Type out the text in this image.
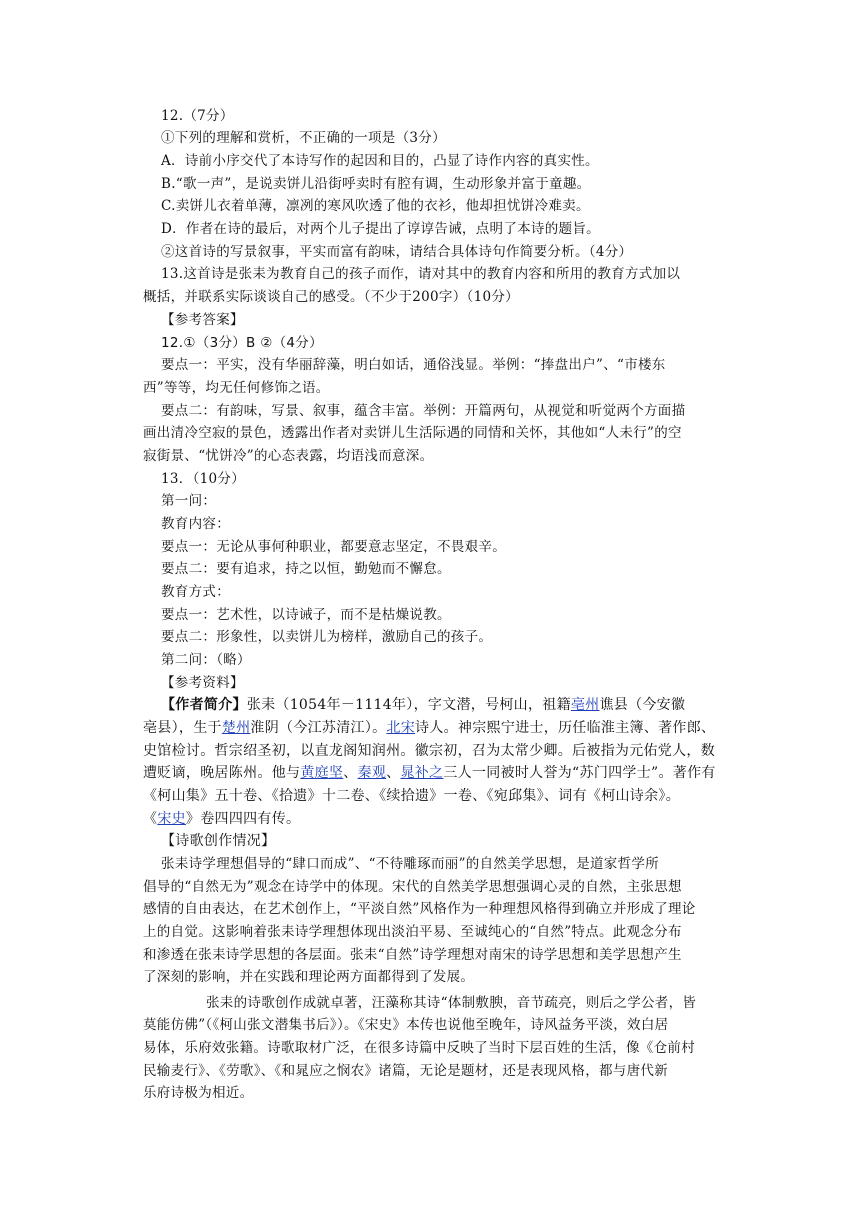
12.（7分）
①下列的理解和赏析，不正确的一项是（3分）
A．诗前小序交代了本诗写作的起因和目的，凸显了诗作内容的真实性。
B.“歌一声”，是说卖饼儿沿街呼卖时有腔有调，生动形象并富于童趣。
C.卖饼儿衣着单薄，凛冽的寒风吹透了他的衣衫，他却担忧饼冷难卖。
D．作者在诗的最后，对两个儿子提出了谆谆告诫，点明了本诗的题旨。
②这首诗的写景叙事，平实而富有韵味，请结合具体诗句作简要分析。（4分）
13.这首诗是张耒为教育自己的孩子而作，请对其中的教育内容和所用的教育方式加以
概括，并联系实际谈谈自己的感受。（不少于200字）（10分）
【参考答案】
12.①（3分）B ②（4分）
要点一：平实，没有华丽辞藻，明白如话，通俗浅显。举例：“捧盘出户”、“市楼东
西”等等，均无任何修饰之语。
要点二：有韵味，写景、叙事，蕴含丰富。举例：开篇两句，从视觉和听觉两个方面描
画出清冷空寂的景色，透露出作者对卖饼儿生活际遇的同情和关怀，其他如“人未行”的空
寂街景、“忧饼冷”的心态表露，均语浅而意深。
13．（10分）
第一问：
教育内容：
要点一：无论从事何种职业，都要意志坚定，不畏艰辛。
要点二：要有追求，持之以恒，勤勉而不懈怠。
教育方式：
要点一：艺术性，以诗诫子，而不是枯燥说教。
要点二：形象性，以卖饼儿为榜样，激励自己的孩子。
第二问：（略）
【参考资料】
【作者简介】张耒（1054年－1114年），字文潜，号柯山，祖籍亳州谯县（今安徽
亳县），生于楚州淮阴（今江苏清江）。北宋诗人。神宗熙宁进士，历任临淮主簿、著作郎、
史馆检讨。哲宗绍圣初，以直龙阁知润州。徽宗初，召为太常少卿。后被指为元佑党人，数
遭贬谪，晚居陈州。他与黄庭坚、秦观、晁补之三人一同被时人誉为“苏门四学士”。著作有
《柯山集》五十卷、《拾遗》十二卷、《续拾遗》一卷、《宛邱集》、词有《柯山诗余》。
《宋史》卷四四四有传。
【诗歌创作情况】
张耒诗学理想倡导的“肆口而成”、“不待雕琢而丽”的自然美学思想，是道家哲学所
倡导的“自然无为”观念在诗学中的体现。宋代的自然美学思想强调心灵的自然，主张思想
感情的自由表达，在艺术创作上，“平淡自然”风格作为一种理想风格得到确立并形成了理论
上的自觉。这影响着张耒诗学理想体现出淡泊平易、至诚纯心的“自然”特点。此观念分布
和渗透在张耒诗学思想的各层面。张耒“自然”诗学理想对南宋的诗学思想和美学思想产生
了深刻的影响，并在实践和理论两方面都得到了发展。
张耒的诗歌创作成就卓著，汪藻称其诗“体制敷腴，音节疏亮，则后之学公者，皆
莫能仿佛”（《柯山张文潜集书后》）。《宋史》本传也说他至晚年，诗风益务平淡，效白居
易体，乐府效张籍。诗歌取材广泛，在很多诗篇中反映了当时下层百姓的生活，像《仓前村
民输麦行》、《劳歌》、《和晁应之悯农》诸篇，无论是题材，还是表现风格，都与唐代新
乐府诗极为相近。
